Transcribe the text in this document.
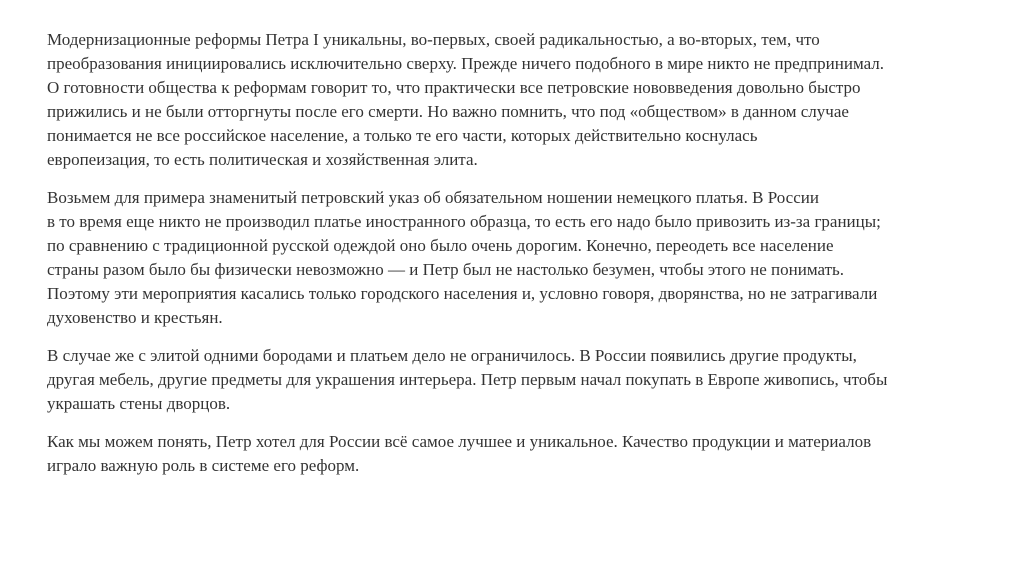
Модернизационные реформы Петра I уникальны, во-первых, своей радикальностью, а во-вторых, тем, что
преобразования инициировались исключительно сверху. Прежде ничего подобного в мире никто не предпринимал.
О готовности общества к реформам говорит то, что практически все петровские нововведения довольно быстро
прижились и не были отторгнуты после его смерти. Но важно помнить, что под «обществом» в данном случае
понимается не все российское население, а только те его части, которых действительно коснулась
европеизация, то есть политическая и хозяйственная элита.

Возьмем для примера знаменитый петровский указ об обязательном ношении немецкого платья. В России
в то время еще никто не производил платье иностранного образца, то есть его надо было привозить из-за границы;
по сравнению с традиционной русской одеждой оно было очень дорогим. Конечно, переодеть все население
страны разом было бы физически невозможно — и Петр был не настолько безумен, чтобы этого не понимать.
Поэтому эти мероприятия касались только городского населения и, условно говоря, дворянства, но не затрагивали
духовенство и крестьян.

В случае же с элитой одними бородами и платьем дело не ограничилось. В России появились другие продукты,
другая мебель, другие предметы для украшения интерьера. Петр первым начал покупать в Европе живопись, чтобы
украшать стены дворцов.

Как мы можем понять, Петр хотел для России всё самое лучшее и уникальное. Качество продукции и материалов
играло важную роль в системе его реформ.
